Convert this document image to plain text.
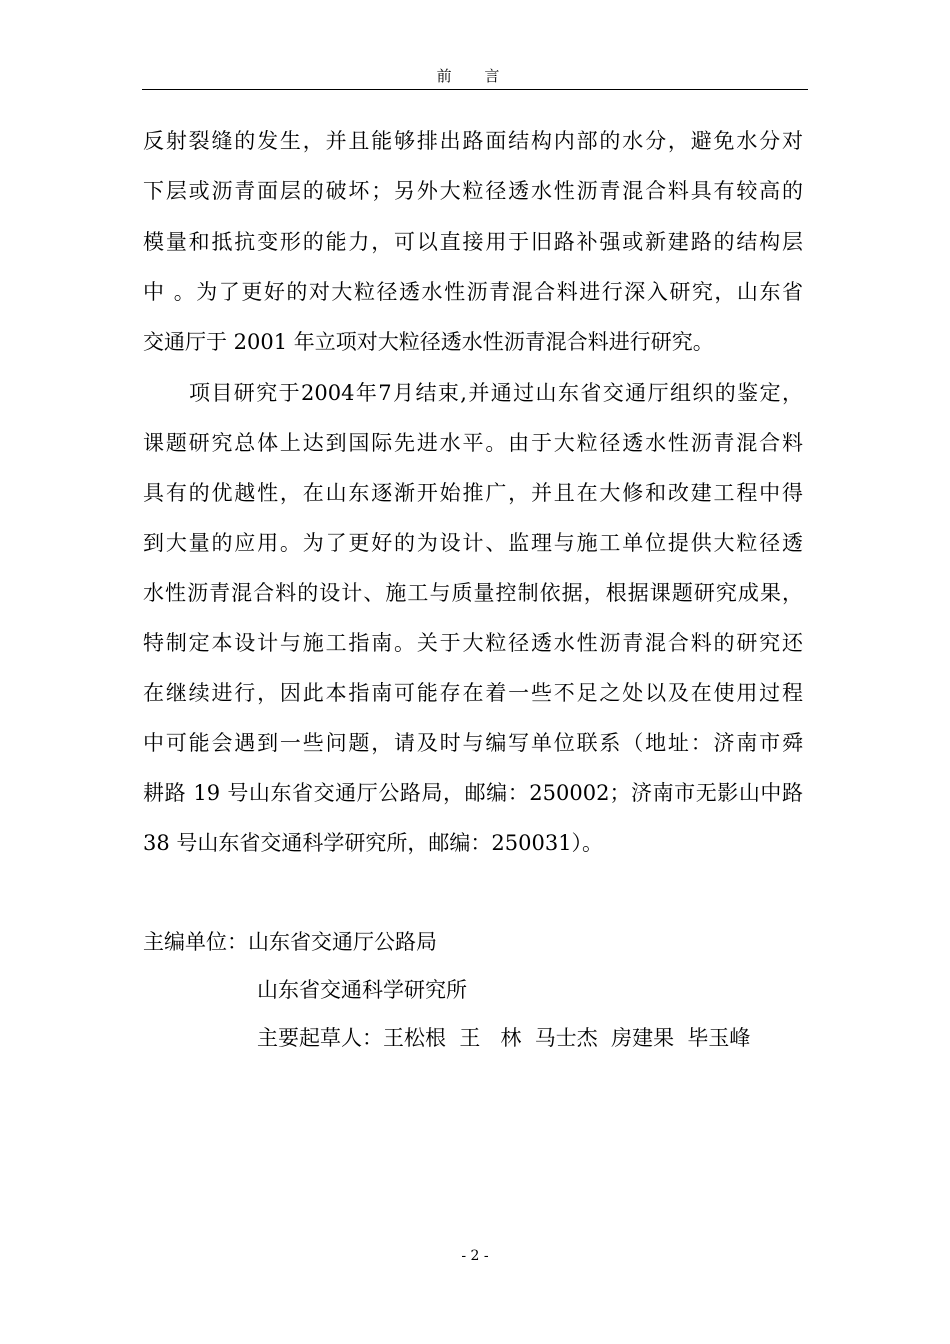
前 言
反射裂缝的发生，并且能够排出路面结构内部的水分，避免水分对
下层或沥青面层的破坏；另外大粒径透水性沥青混合料具有较高的
模量和抵抗变形的能力，可以直接用于旧路补强或新建路的结构层
中 。为了更好的对大粒径透水性沥青混合料进行深入研究，山东省
交通厅于 2001 年立项对大粒径透水性沥青混合料进行研究。
项目研究于2004年7月结束,并通过山东省交通厅组织的鉴定，
课题研究总体上达到国际先进水平。由于大粒径透水性沥青混合料
具有的优越性，在山东逐渐开始推广，并且在大修和改建工程中得
到大量的应用。为了更好的为设计、监理与施工单位提供大粒径透
水性沥青混合料的设计、施工与质量控制依据，根据课题研究成果，
特制定本设计与施工指南。关于大粒径透水性沥青混合料的研究还
在继续进行，因此本指南可能存在着一些不足之处以及在使用过程
中可能会遇到一些问题，请及时与编写单位联系（地址：济南市舜
耕路 19 号山东省交通厅公路局，邮编：250002；济南市无影山中路
38 号山东省交通科学研究所，邮编：250031）。
主编单位：山东省交通厅公路局
山东省交通科学研究所
主要起草人：王松根  王   林  马士杰  房建果  毕玉峰
- 2 -
